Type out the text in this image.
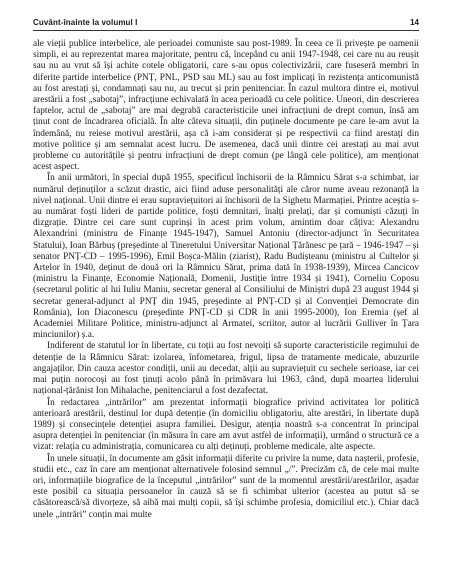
Cuvânt-înainte la volumul I	14

ale vieții publice interbelice, ale perioadei comuniste sau post-1989. În ceea ce îi privește pe oamenii simpli, ei au reprezentat marea majoritate, pentru că, începând cu anii 1947-1948, cei care nu au reușit sau nu au vrut să își achite cotele obligatorii, care s-au opus colectivizării, care fuseseră membri în diferite partide interbelice (PNȚ, PNL, PSD sau ML) sau au fost implicați în rezistența anticomunistă au fost arestați și, condamnați sau nu, au trecut și prin penitenciar. În cazul multora dintre ei, motivul arestării a fost „sabotaj”, infracțiune echivalată în acea perioadă cu cele politice. Uneori, din descrierea faptelor, actul de „sabotaj” are mai degrabă caracteristicile unei infracțiuni de drept comun, însă am ținut cont de încadrarea oficială. În alte câteva situații, din puținele documente pe care le-am avut la îndemână, nu reiese motivul arestării, așa că i-am considerat și pe respectivii ca fiind arestați din motive politice și am semnalat acest lucru. De asemenea, dacă unii dintre cei arestați au mai avut probleme cu autoritățile și pentru infracțiuni de drept comun (pe lângă cele politice), am menționat acest aspect.

În anii următori, în special după 1955, specificul închisorii de la Râmnicu Sărat s-a schimbat, iar numărul deținuților a scăzut drastic, aici fiind aduse personalități ale căror nume aveau rezonanță la nivel național. Unii dintre ei erau supraviețuitori ai închisorii de la Sighetu Marmației. Printre aceștia s-au numărat foști lideri de partide politice, foști demnitari, înalți prelați, dar și comuniști căzuți în dizgrație. Dintre cei care sunt cuprinși în acest prim volum, amintim doar câțiva: Alexandru Alexandrini (ministru de Finanțe 1945-1947), Samuel Antoniu (director-adjunct în Securitatea Statului), Ioan Bărbuș (președinte al Tineretului Universitar Național Țărănesc pe țară – 1946-1947 – și senator PNȚ-CD – 1995-1996), Emil Boșca-Mălin (ziarist), Radu Budișteanu (ministru al Cultelor și Artelor în 1940, deținut de două ori la Râmnicu Sărat, prima dată în 1938-1939), Mircea Cancicov (ministru la Finanțe, Economie Națională, Domenii, Justiție între 1934 și 1941), Corneliu Coposu (secretarul politic al lui Iuliu Maniu, secretar general al Consiliului de Miniștri după 23 august 1944 și secretar general-adjunct al PNȚ din 1945, președinte al PNȚ-CD și al Convenției Democrate din România), Ion Diaconescu (președinte PNȚ-CD și CDR în anii 1995-2000), Ion Eremia (șef al Academiei Militare Politice, ministru-adjunct al Armatei, scriitor, autor al lucrării Gulliver în Țara minciunilor) ș.a.

Indiferent de statutul lor în libertate, cu toții au fost nevoiți să suporte caracteristicile regimului de detenție de la Râmnicu Sărat: izolarea, înfometarea, frigul, lipsa de tratamente medicale, abuzurile angajaților. Din cauza acestor condiții, unii au decedat, alții au supraviețuit cu sechele serioase, iar cei mai puțin norocoși au fost ținuți acolo până în primăvara lui 1963, când, după moartea liderului național-țărănist Ion Mihalache, penitenciarul a fost dezafectat.

În redactarea „intrărilor” am prezentat informații biografice privind activitatea lor politică anterioară arestării, destinul lor după detenție (în domiciliu obligatoriu, alte arestări, în libertate după 1989) și consecințele detenției asupra familiei. Desigur, atenția noastră s-a concentrat în principal asupra detenției în penitenciar (în măsura în care am avut astfel de informații), urmând o structură ce a vizat: relația cu administrația, comunicarea cu alți deținuți, probleme medicale, alte aspecte.

În unele situații, în documente am găsit informații diferite cu privire la nume, data nașterii, profesie, studii etc., caz în care am menționat alternativele folosind semnul „/”. Precizăm că, de cele mai multe ori, informațiile biografice de la începutul „intrărilor” sunt de la momentul arestării/arestărilor, așadar este posibil ca situația persoanelor în cauză să se fi schimbat ulterior (acestea au putut să se căsătorească/să divorțeze, să aibă mai mulți copii, să își schimbe profesia, domiciliul etc.). Chiar dacă unele „intrări” conțin mai multe
